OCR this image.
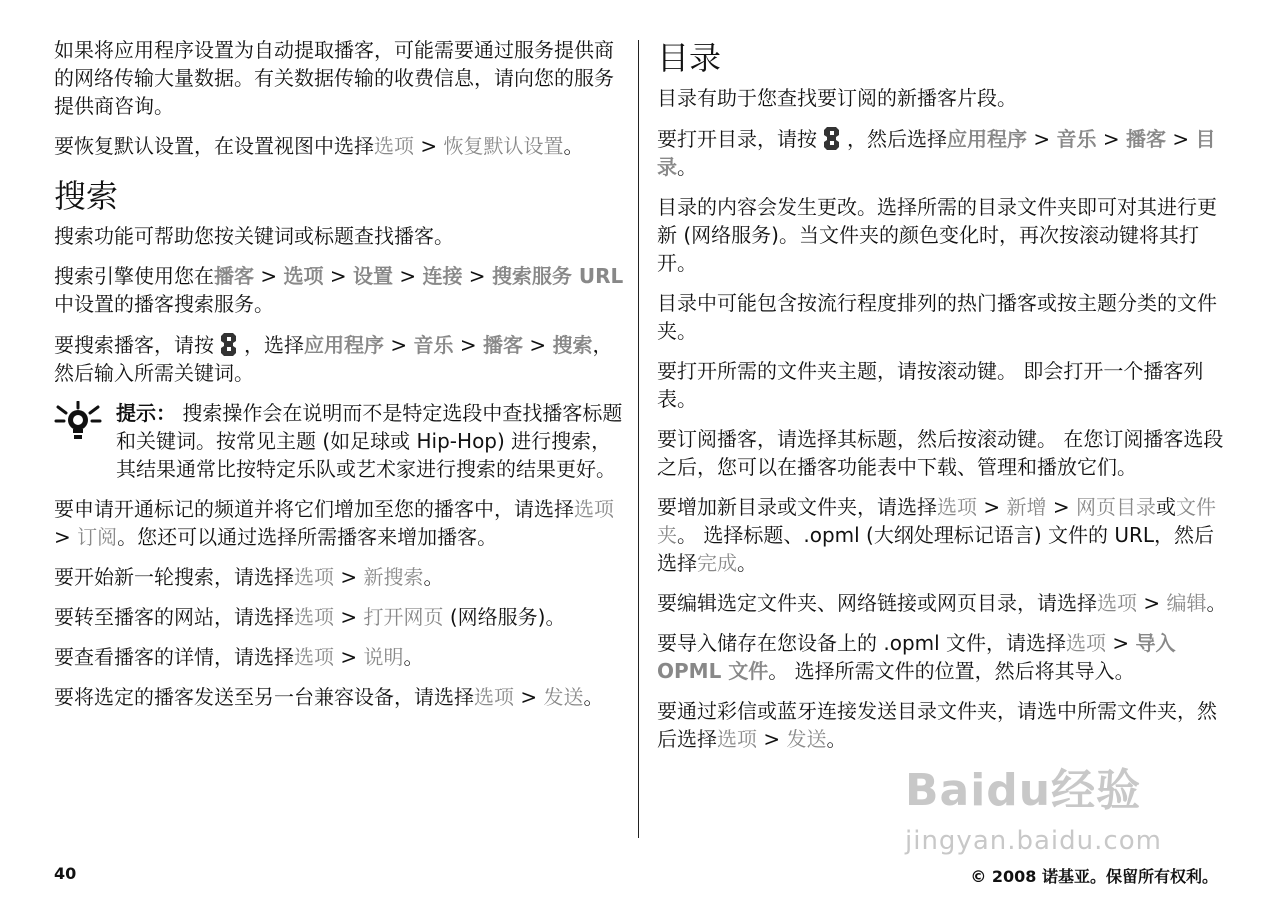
如果将应用程序设置为自动提取播客，可能需要通过服务提供商的网络传输大量数据。有关数据传输的收费信息，请向您的服务提供商咨询。

要恢复默认设置，在设置视图中选择选项 > 恢复默认设置。

搜索

搜索功能可帮助您按关键词或标题查找播客。

搜索引擎使用您在播客 > 选项 > 设置 > 连接 > 搜索服务 URL 中设置的播客搜索服务。

要搜索播客，请按 ，选择应用程序 > 音乐 > 播客 > 搜索，然后输入所需关键词。

提示： 搜索操作会在说明而不是特定选段中查找播客标题和关键词。按常见主题 (如足球或 Hip-Hop) 进行搜索，其结果通常比按特定乐队或艺术家进行搜索的结果更好。

要申请开通标记的频道并将它们增加至您的播客中，请选择选项 > 订阅。您还可以通过选择所需播客来增加播客。

要开始新一轮搜索，请选择选项 > 新搜索。

要转至播客的网站，请选择选项 > 打开网页 (网络服务)。

要查看播客的详情，请选择选项 > 说明。

要将选定的播客发送至另一台兼容设备，请选择选项 > 发送。

目录

目录有助于您查找要订阅的新播客片段。

要打开目录，请按 ，然后选择应用程序 > 音乐 > 播客 > 目录。

目录的内容会发生更改。选择所需的目录文件夹即可对其进行更新 (网络服务)。当文件夹的颜色变化时，再次按滚动键将其打开。

目录中可能包含按流行程度排列的热门播客或按主题分类的文件夹。

要打开所需的文件夹主题，请按滚动键。 即会打开一个播客列表。

要订阅播客，请选择其标题，然后按滚动键。 在您订阅播客选段之后，您可以在播客功能表中下载、管理和播放它们。

要增加新目录或文件夹，请选择选项 > 新增 > 网页目录或文件夹。 选择标题、.opml (大纲处理标记语言) 文件的 URL，然后选择完成。

要编辑选定文件夹、网络链接或网页目录，请选择选项 > 编辑。

要导入储存在您设备上的 .opml 文件，请选择选项 > 导入 OPML 文件。 选择所需文件的位置，然后将其导入。

要通过彩信或蓝牙连接发送目录文件夹，请选中所需文件夹，然后选择选项 > 发送。

Baidu经验
jingyan.baidu.com
40	© 2008 诺基亚。保留所有权利。
